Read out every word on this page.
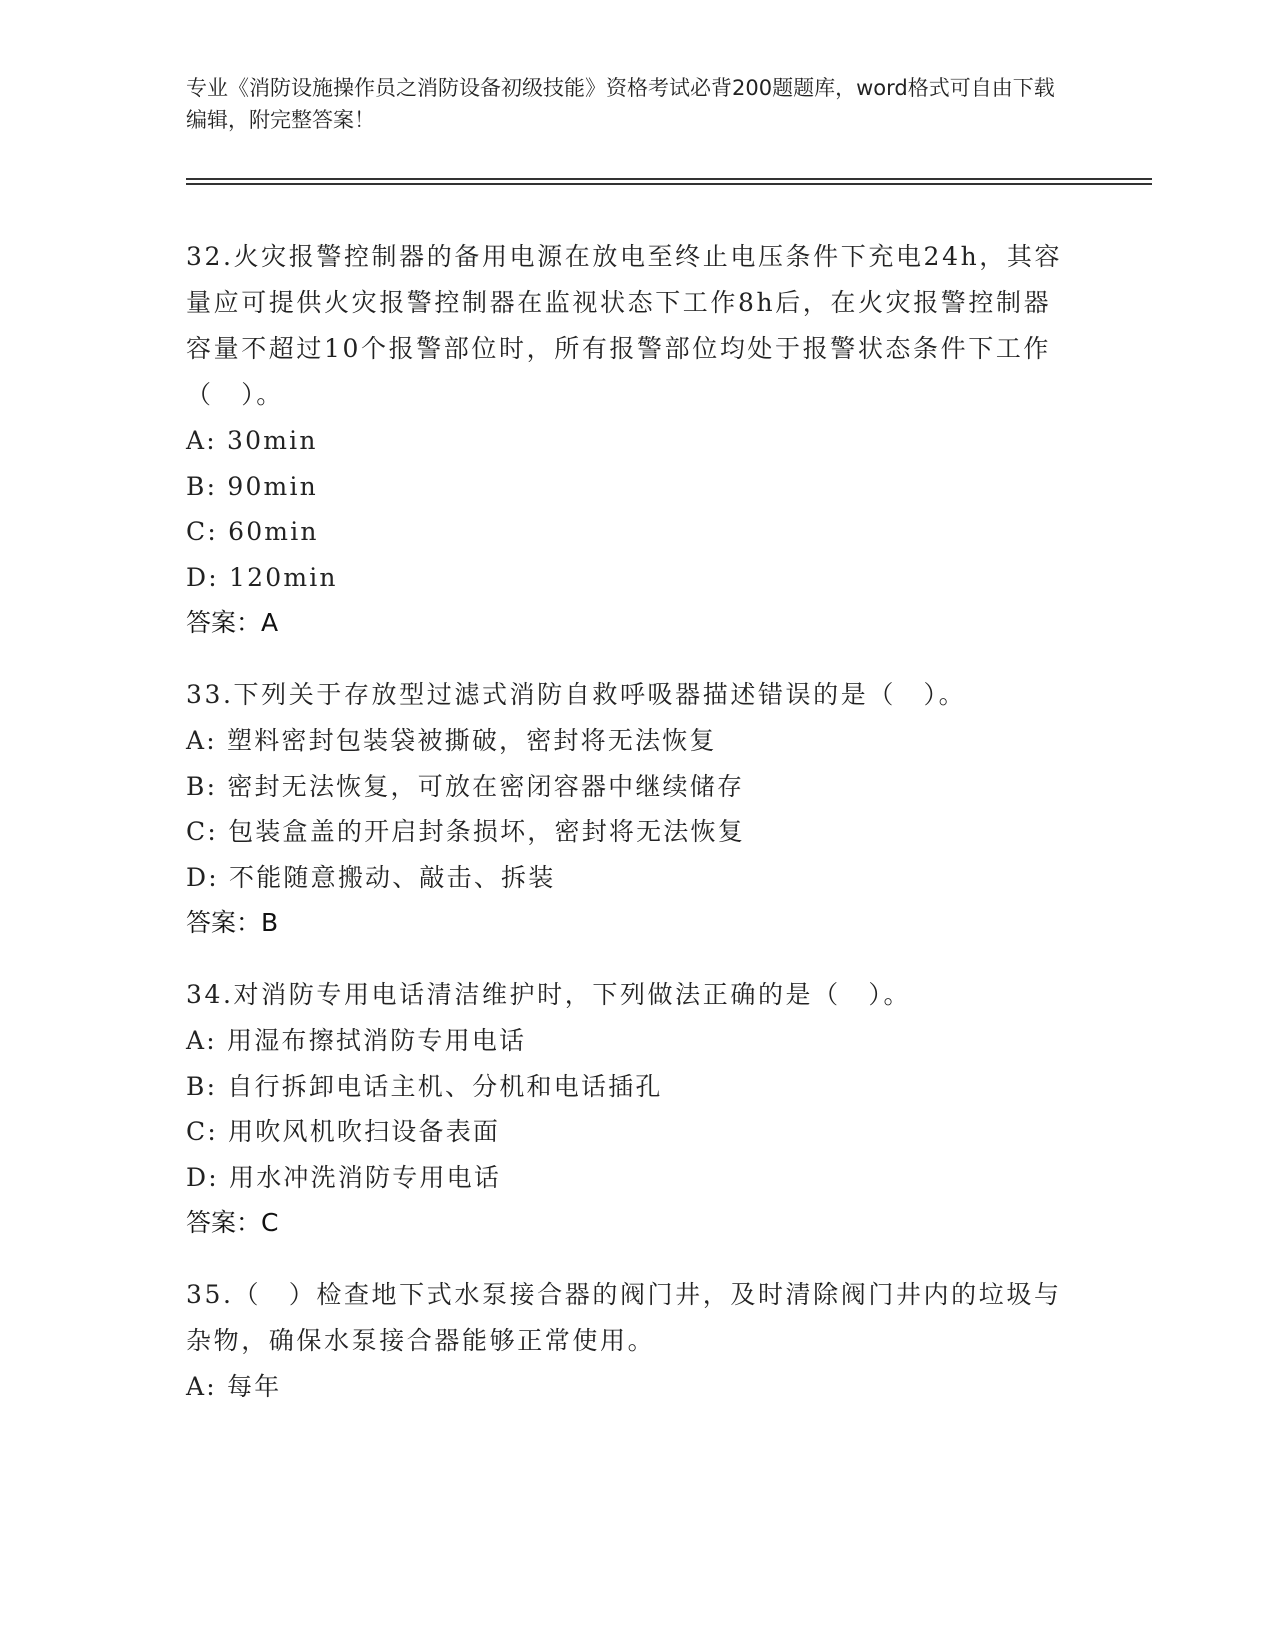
专业《消防设施操作员之消防设备初级技能》资格考试必背200题题库，word格式可自由下载编辑，附完整答案！
32.火灾报警控制器的备用电源在放电至终止电压条件下充电24h，其容量应可提供火灾报警控制器在监视状态下工作8h后，在火灾报警控制器容量不超过10个报警部位时，所有报警部位均处于报警状态条件下工作（　）。
A: 30min
B: 90min
C: 60min
D: 120min
答案：A
33.下列关于存放型过滤式消防自救呼吸器描述错误的是（　）。
A: 塑料密封包装袋被撕破，密封将无法恢复
B: 密封无法恢复，可放在密闭容器中继续储存
C: 包装盒盖的开启封条损坏，密封将无法恢复
D: 不能随意搬动、敲击、拆装
答案：B
34.对消防专用电话清洁维护时，下列做法正确的是（　）。
A: 用湿布擦拭消防专用电话
B: 自行拆卸电话主机、分机和电话插孔
C: 用吹风机吹扫设备表面
D: 用水冲洗消防专用电话
答案：C
35.（　）检查地下式水泵接合器的阀门井，及时清除阀门井内的垃圾与杂物，确保水泵接合器能够正常使用。
A: 每年
